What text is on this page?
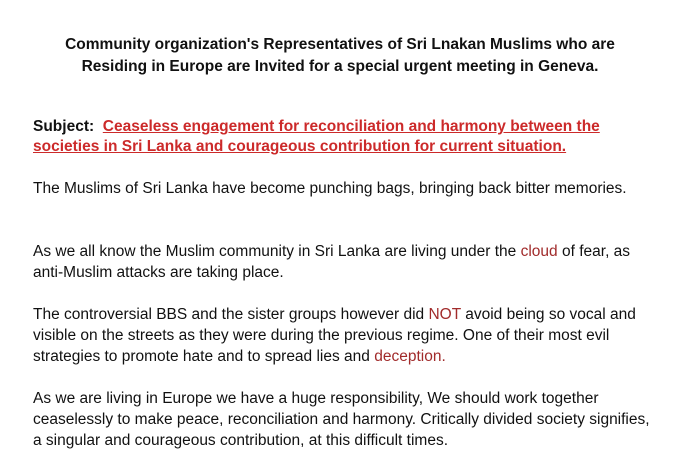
Community organization's Representatives of Sri Lnakan Muslims who are
Residing in Europe are Invited for a special urgent meeting in Geneva.
Subject: Ceaseless engagement for reconciliation and harmony between the societies in Sri Lanka and courageous contribution for current situation.
The Muslims of Sri Lanka have become punching bags, bringing back bitter memories.
As we all know the Muslim community in Sri Lanka are living under the cloud of fear, as anti-Muslim attacks are taking place.
The controversial BBS and the sister groups however did NOT avoid being so vocal and visible on the streets as they were during the previous regime. One of their most evil strategies to promote hate and to spread lies and deception.
As we are living in Europe we have a huge responsibility, We should work together ceaselessly to make peace, reconciliation and harmony. Critically divided society signifies, a singular and courageous contribution, at this difficult times.
